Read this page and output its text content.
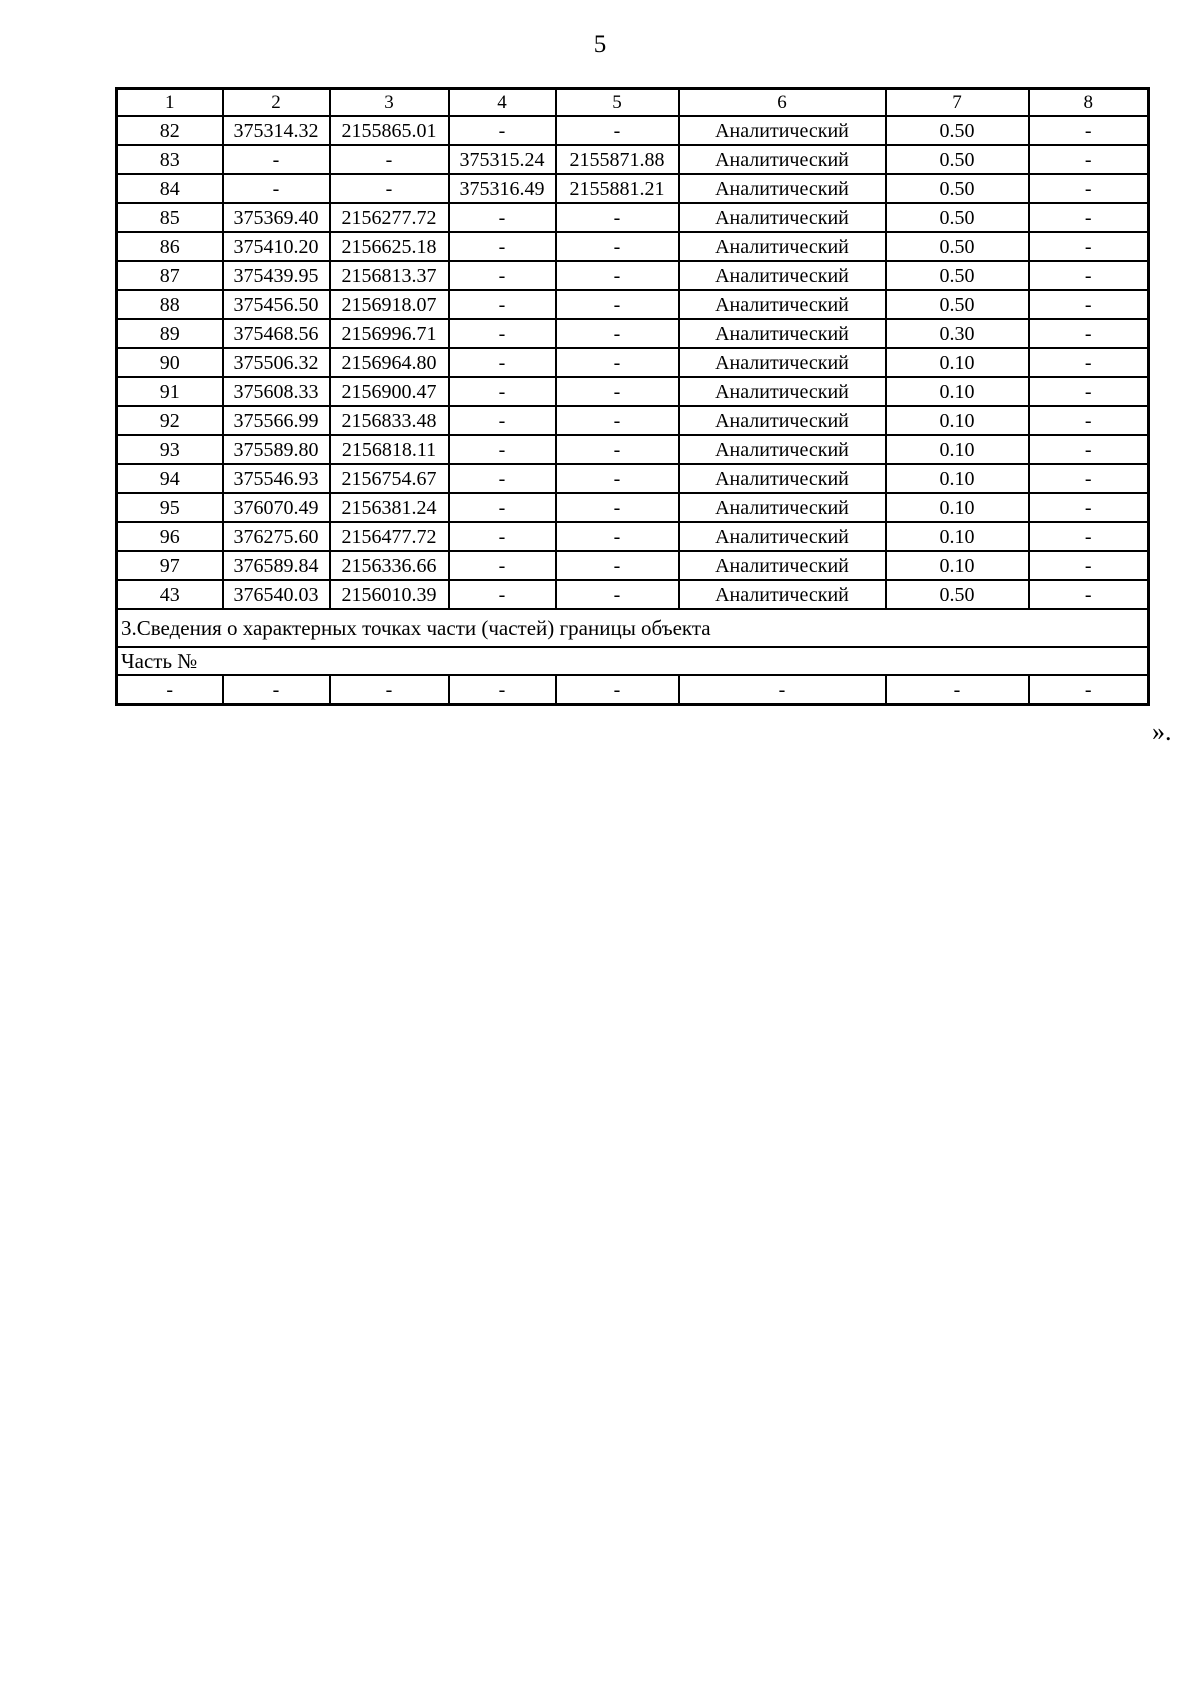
5
1	2	3	4	5	6	7	8
82	375314.32	2155865.01	-	-	Аналитический	0.50	-
83	-	-	375315.24	2155871.88	Аналитический	0.50	-
84	-	-	375316.49	2155881.21	Аналитический	0.50	-
85	375369.40	2156277.72	-	-	Аналитический	0.50	-
86	375410.20	2156625.18	-	-	Аналитический	0.50	-
87	375439.95	2156813.37	-	-	Аналитический	0.50	-
88	375456.50	2156918.07	-	-	Аналитический	0.50	-
89	375468.56	2156996.71	-	-	Аналитический	0.30	-
90	375506.32	2156964.80	-	-	Аналитический	0.10	-
91	375608.33	2156900.47	-	-	Аналитический	0.10	-
92	375566.99	2156833.48	-	-	Аналитический	0.10	-
93	375589.80	2156818.11	-	-	Аналитический	0.10	-
94	375546.93	2156754.67	-	-	Аналитический	0.10	-
95	376070.49	2156381.24	-	-	Аналитический	0.10	-
96	376275.60	2156477.72	-	-	Аналитический	0.10	-
97	376589.84	2156336.66	-	-	Аналитический	0.10	-
43	376540.03	2156010.39	-	-	Аналитический	0.50	-
3.Сведения о характерных точках части (частей) границы объекта							
Часть №							
-	-	-	-	-	-	-	-
».
